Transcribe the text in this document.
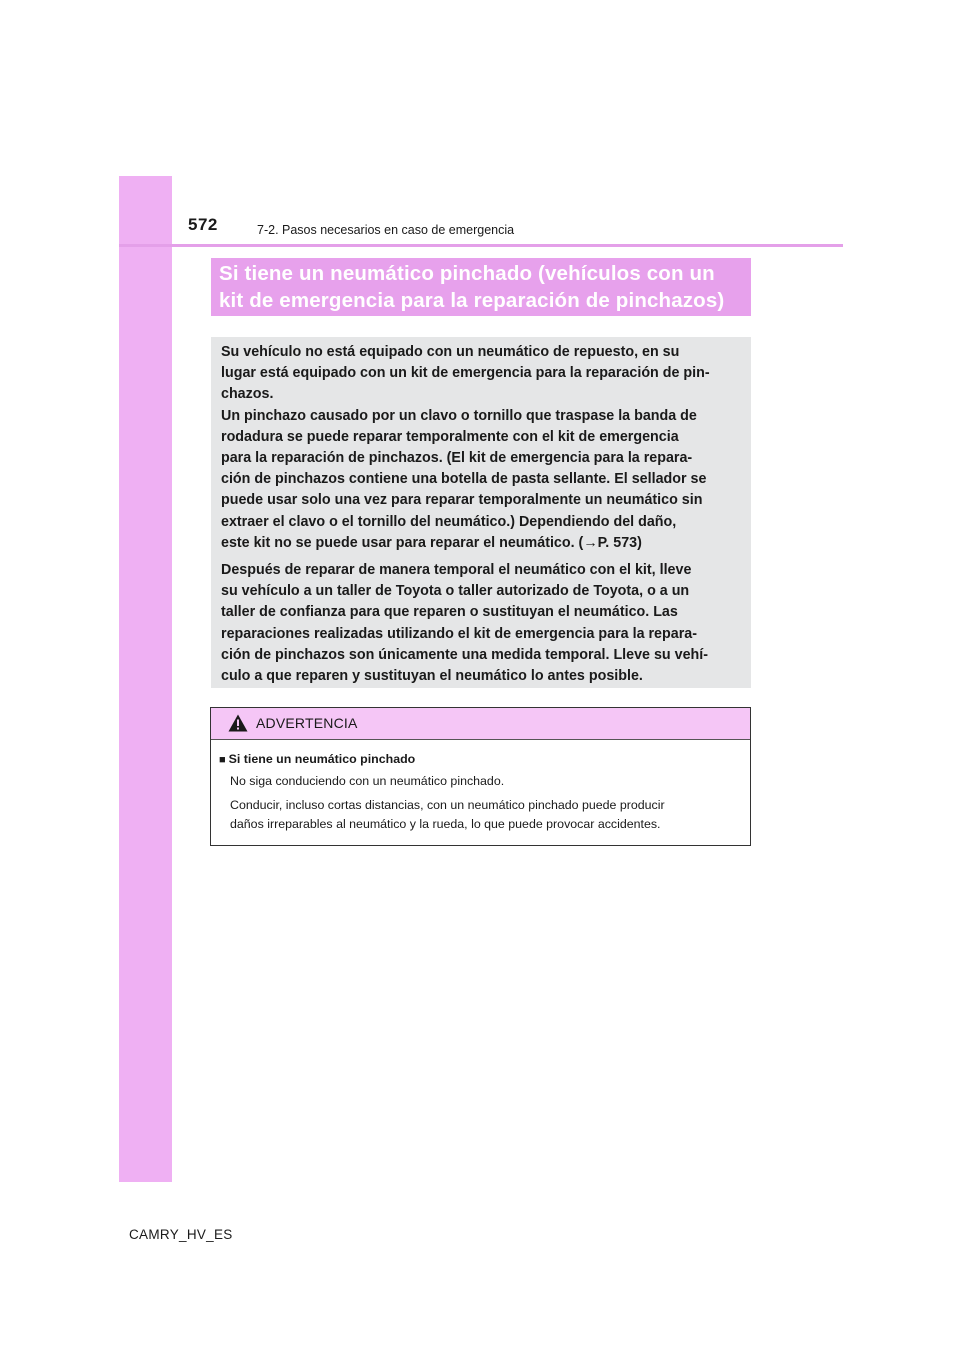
572	7-2. Pasos necesarios en caso de emergencia
Si tiene un neumático pinchado (vehículos con un
kit de emergencia para la reparación de pinchazos)

Su vehículo no está equipado con un neumático de repuesto, en su
lugar está equipado con un kit de emergencia para la reparación de pin-
chazos.
Un pinchazo causado por un clavo o tornillo que traspase la banda de
rodadura se puede reparar temporalmente con el kit de emergencia
para la reparación de pinchazos. (El kit de emergencia para la repara-
ción de pinchazos contiene una botella de pasta sellante. El sellador se
puede usar solo una vez para reparar temporalmente un neumático sin
extraer el clavo o el tornillo del neumático.) Dependiendo del daño,
este kit no se puede usar para reparar el neumático. (→P. 573)

Después de reparar de manera temporal el neumático con el kit, lleve
su vehículo a un taller de Toyota o taller autorizado de Toyota, o a un
taller de confianza para que reparen o sustituyan el neumático. Las
reparaciones realizadas utilizando el kit de emergencia para la repara-
ción de pinchazos son únicamente una medida temporal. Lleve su vehí-
culo a que reparen y sustituyan el neumático lo antes posible.

ADVERTENCIA
■ Si tiene un neumático pinchado

No siga conduciendo con un neumático pinchado.

Conducir, incluso cortas distancias, con un neumático pinchado puede producir
daños irreparables al neumático y la rueda, lo que puede provocar accidentes.

CAMRY_HV_ES
